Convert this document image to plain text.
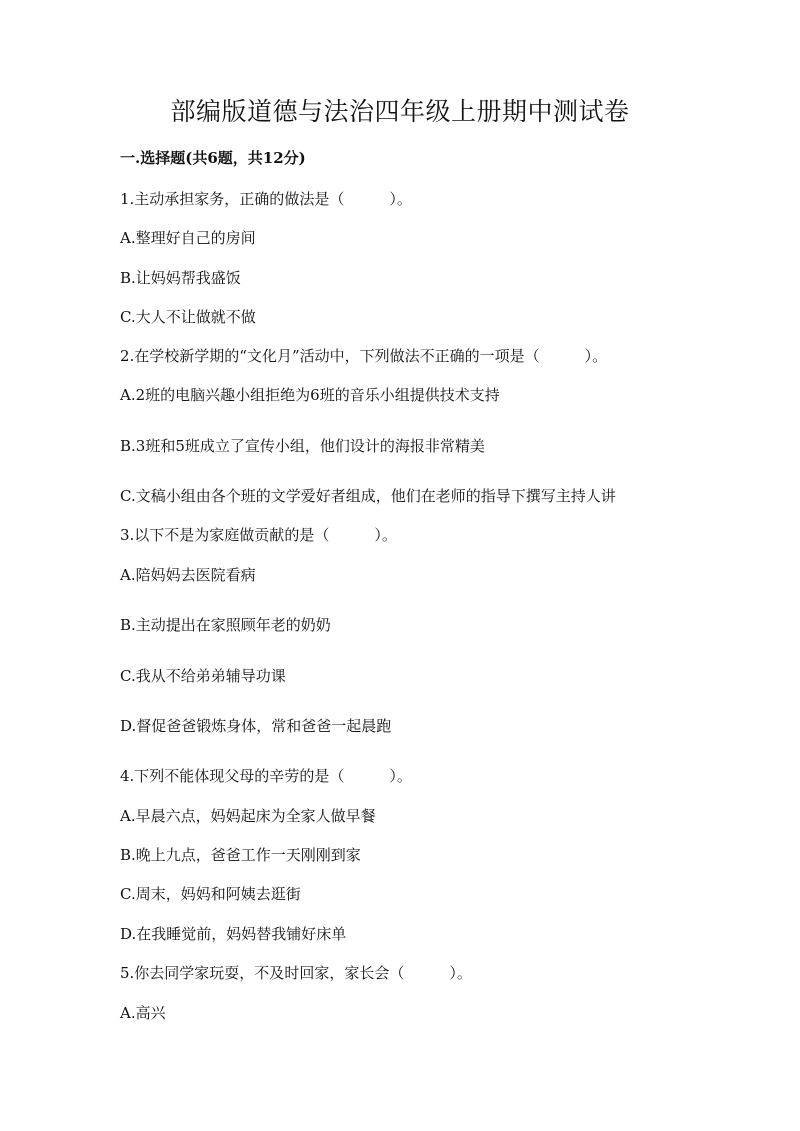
部编版道德与法治四年级上册期中测试卷
一.选择题(共6题，共12分)
1.主动承担家务，正确的做法是（　　　）。
A.整理好自己的房间
B.让妈妈帮我盛饭
C.大人不让做就不做
2.在学校新学期的“文化月”活动中，下列做法不正确的一项是（　　　）。
A.2班的电脑兴趣小组拒绝为6班的音乐小组提供技术支持
B.3班和5班成立了宣传小组，他们设计的海报非常精美
C.文稿小组由各个班的文学爱好者组成，他们在老师的指导下撰写主持人讲
3.以下不是为家庭做贡献的是（　　　）。
A.陪妈妈去医院看病
B.主动提出在家照顾年老的奶奶
C.我从不给弟弟辅导功课
D.督促爸爸锻炼身体，常和爸爸一起晨跑
4.下列不能体现父母的辛劳的是（　　　）。
A.早晨六点，妈妈起床为全家人做早餐
B.晚上九点，爸爸工作一天刚刚到家
C.周末，妈妈和阿姨去逛街
D.在我睡觉前，妈妈替我铺好床单
5.你去同学家玩耍，不及时回家，家长会（　　　）。
A.高兴
